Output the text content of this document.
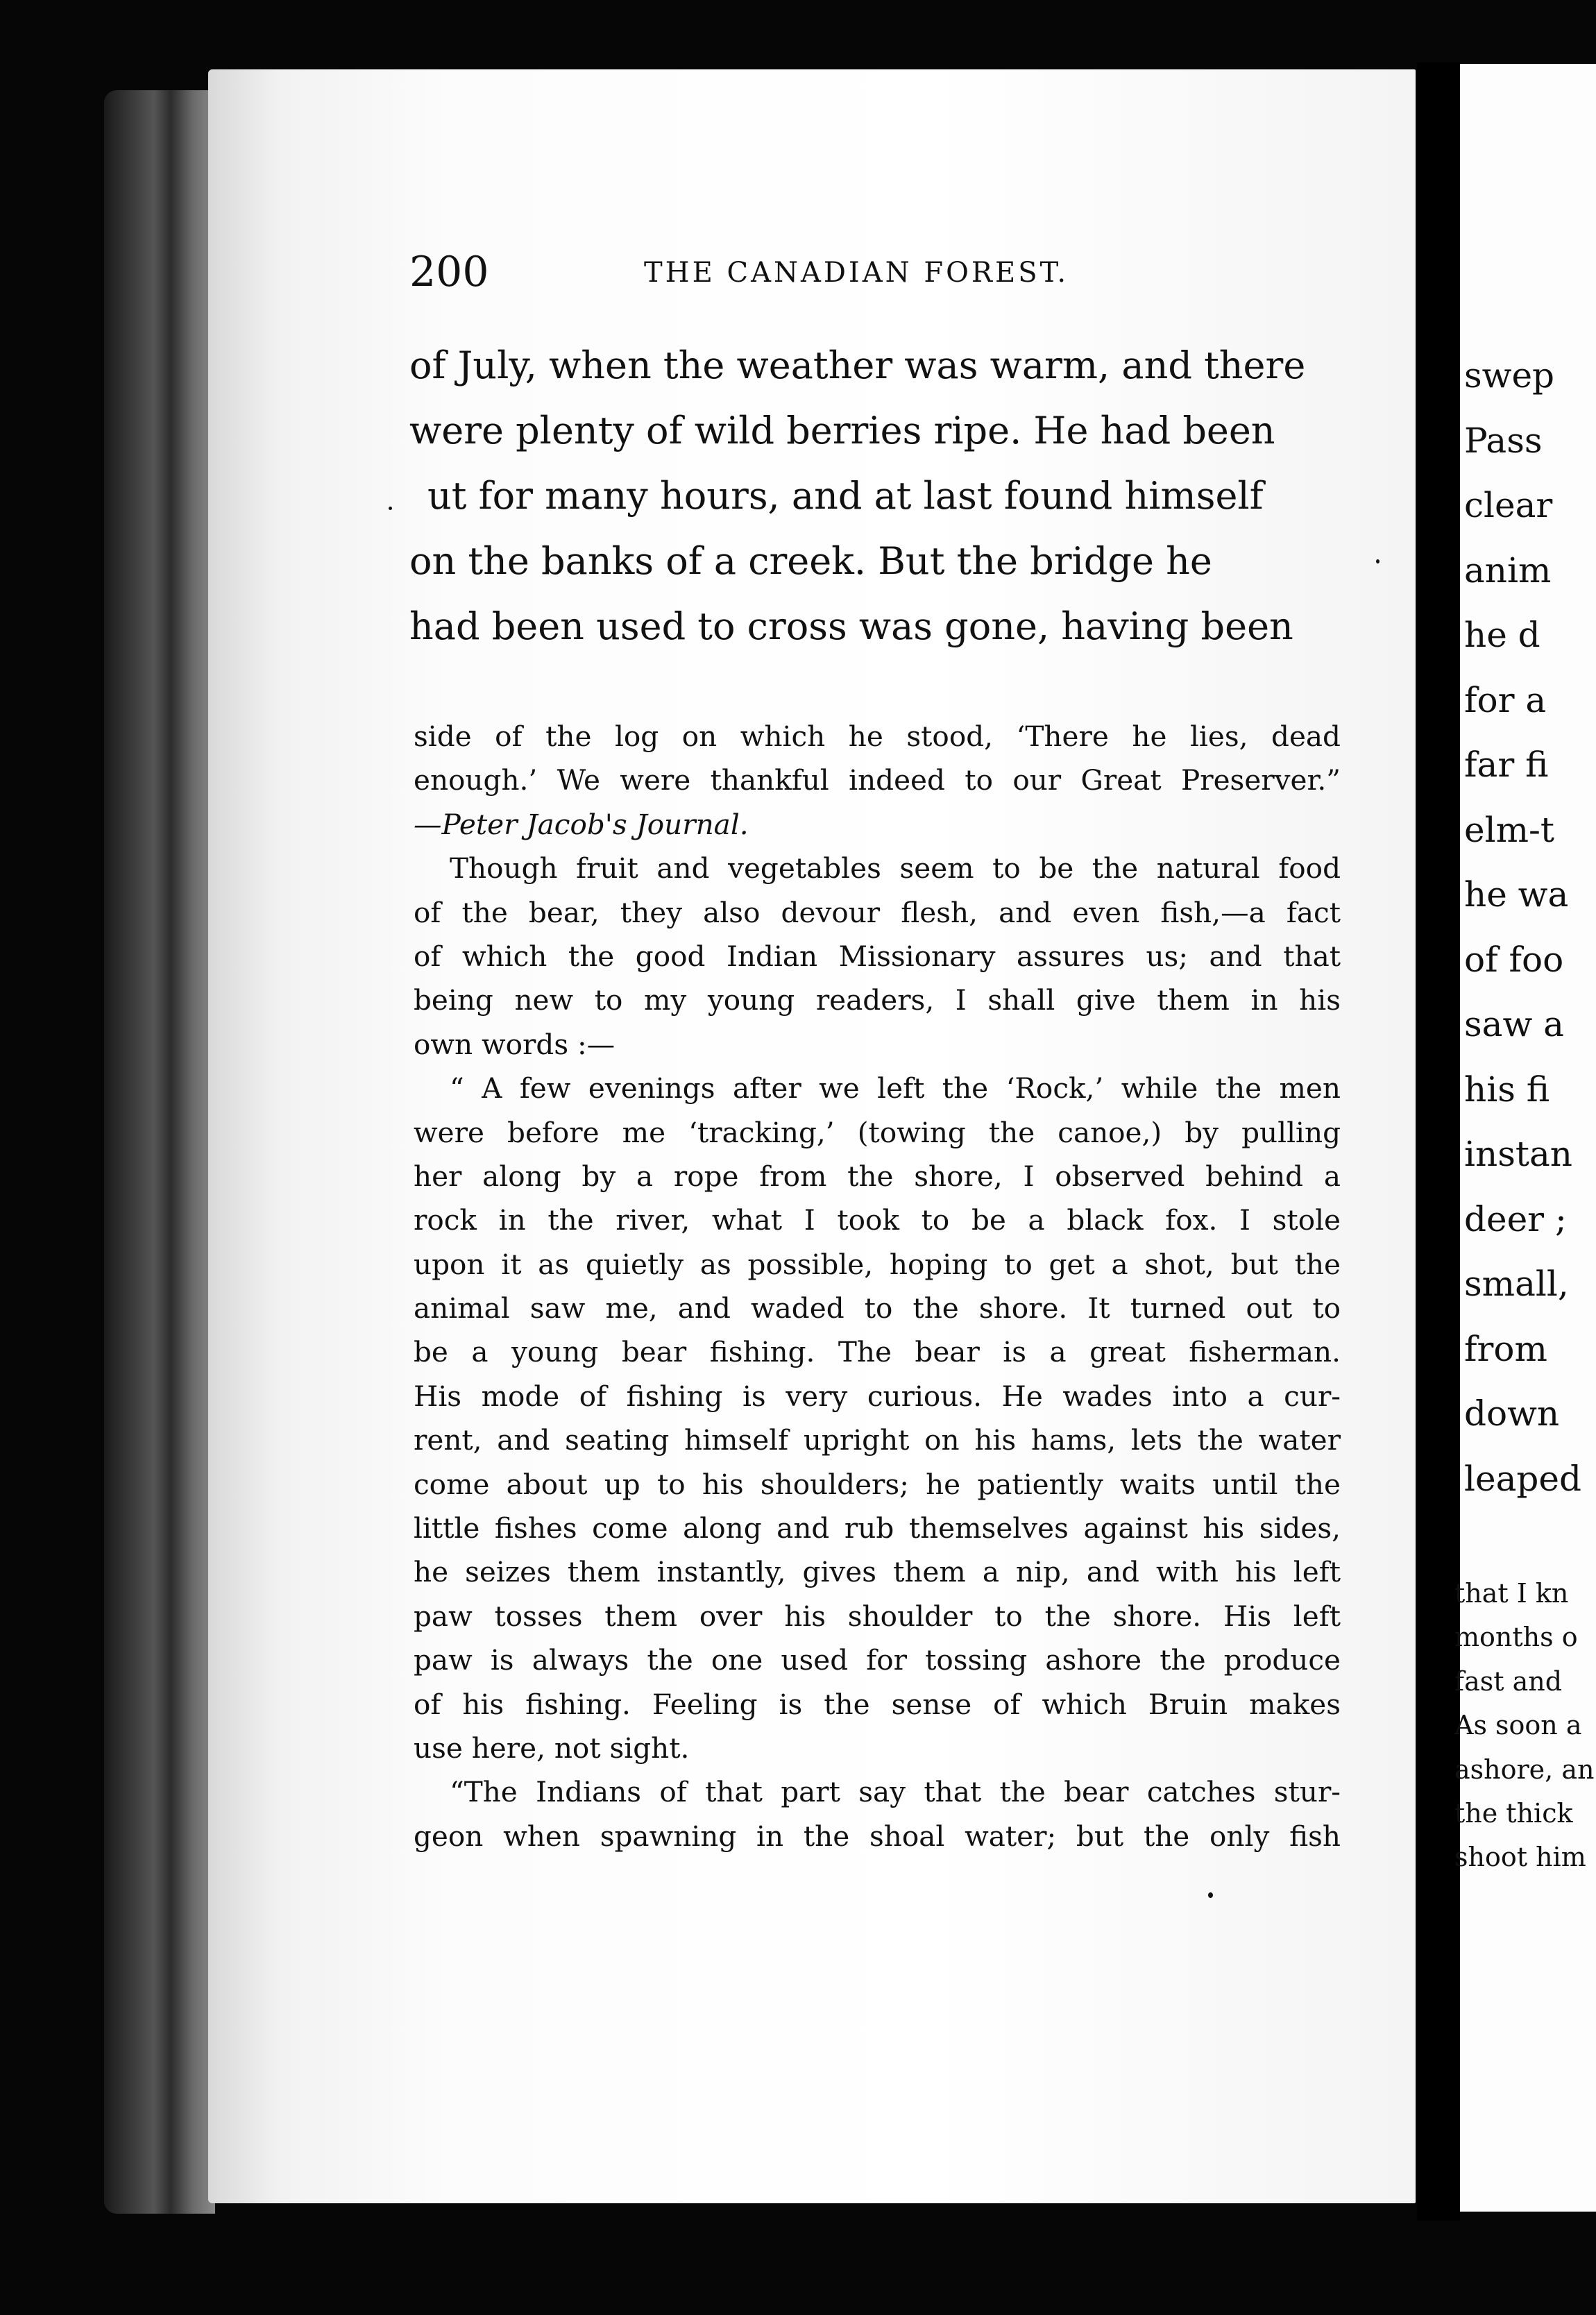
200	THE CANADIAN FOREST.
of July, when the weather was warm, and there
were plenty of wild berries ripe. He had been
ut for many hours, and at last found himself
on the banks of a creek. But the bridge he
had been used to cross was gone, having been
side of the log on which he stood, ‘There he lies, dead
enough.’ We were thankful indeed to our Great Preserver.”
—Peter Jacob's Journal.
Though fruit and vegetables seem to be the natural food
of the bear, they also devour flesh, and even fish,—a fact
of which the good Indian Missionary assures us; and that
being new to my young readers, I shall give them in his
own words :—
“ A few evenings after we left the ‘Rock,’ while the men
were before me ‘tracking,’ (towing the canoe,) by pulling
her along by a rope from the shore, I observed behind a
rock in the river, what I took to be a black fox. I stole
upon it as quietly as possible, hoping to get a shot, but the
animal saw me, and waded to the shore. It turned out to
be a young bear fishing. The bear is a great fisherman.
His mode of fishing is very curious. He wades into a cur-
rent, and seating himself upright on his hams, lets the water
come about up to his shoulders; he patiently waits until the
little fishes come along and rub themselves against his sides,
he seizes them instantly, gives them a nip, and with his left
paw tosses them over his shoulder to the shore. His left
paw is always the one used for tossing ashore the produce
of his fishing. Feeling is the sense of which Bruin makes
use here, not sight.
“The Indians of that part say that the bear catches stur-
geon when spawning in the shoal water; but the only fish
swep
Pass
clear
anim
he d
for a
far fi
elm-t
he wa
of foo
saw a
his fi
instan
deer ;
small,
from
down
leaped
that I kn
months o
fast and
As soon a
ashore, an
the thick
shoot him
